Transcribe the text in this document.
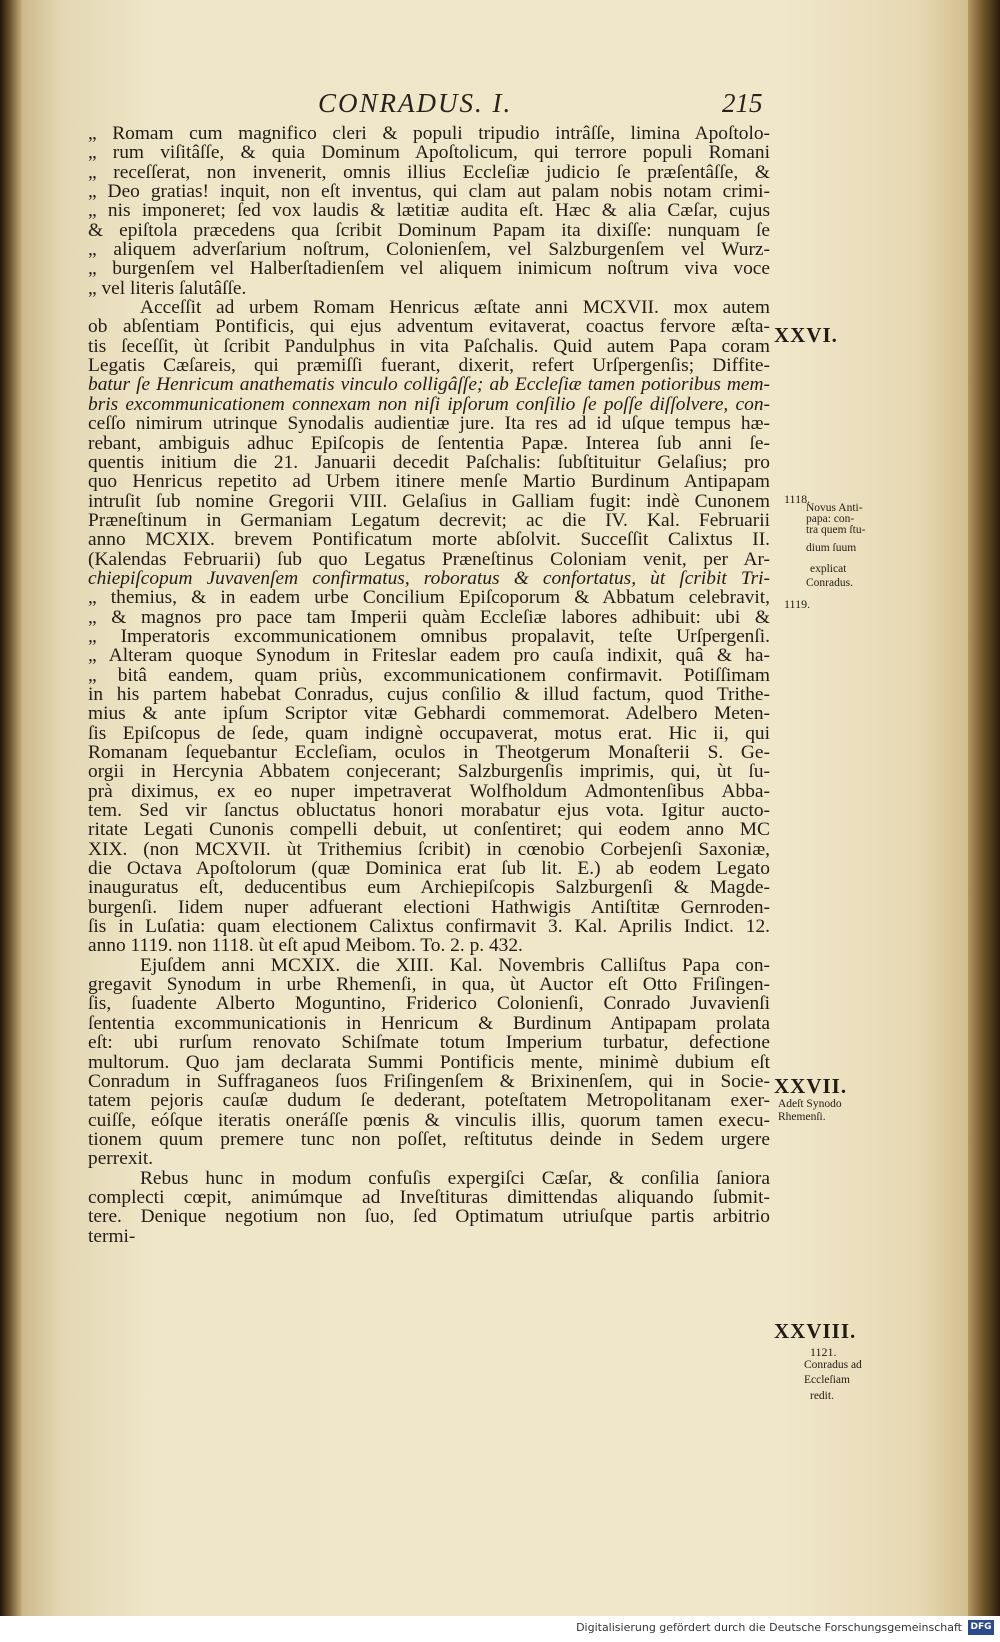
CONRADUS. I.	215
„ Romam cum magnifico cleri & populi tripudio intrâſſe, limina Apoſtolo-
„ rum viſitâſſe, & quia Dominum Apoſtolicum, qui terrore populi Romani
„ receſſerat, non invenerit, omnis illius Eccleſiæ judicio ſe præſentâſſe, &
„ Deo gratias! inquit, non eſt inventus, qui clam aut palam nobis notam crimi-
„ nis imponeret; ſed vox laudis & lætitiæ audita eſt. Hæc & alia Cæſar, cujus
& epiſtola præcedens qua ſcribit Dominum Papam ita dixiſſe: nunquam ſe
„ aliquem adverſarium noſtrum, Colonienſem, vel Salzburgenſem vel Wurz-
„ burgenſem vel Halberſtadienſem vel aliquem inimicum noſtrum viva voce
„ vel literis ſalutâſſe.
Acceſſit ad urbem Romam Henricus æſtate anni MCXVII. mox autem
ob abſentiam Pontificis, qui ejus adventum evitaverat, coactus fervore æſta-
tis ſeceſſit, ùt ſcribit Pandulphus in vita Paſchalis. Quid autem Papa coram
Legatis Cæſareis, qui præmiſſi fuerant, dixerit, refert Urſpergenſis; Diffite-
batur ſe Henricum anathematis vinculo colligâſſe; ab Eccleſiæ tamen potioribus mem-
bris excommunicationem connexam non niſi ipſorum conſilio ſe poſſe diſſolvere, con-
ceſſo nimirum utrinque Synodalis audientiæ jure. Ita res ad id uſque tempus hæ-
rebant, ambiguis adhuc Epiſcopis de ſententia Papæ. Interea ſub anni ſe-
quentis initium die 21. Januarii decedit Paſchalis: ſubſtituitur Gelaſius; pro
quo Henricus repetito ad Urbem itinere menſe Martio Burdinum Antipapam
intruſit ſub nomine Gregorii VIII. Gelaſius in Galliam fugit: indè Cunonem
Præneſtinum in Germaniam Legatum decrevit; ac die IV. Kal. Februarii
anno MCXIX. brevem Pontificatum morte abſolvit. Succeſſit Calixtus II.
(Kalendas Februarii) ſub quo Legatus Præneſtinus Coloniam venit, per Ar-
chiepiſcopum Juvavenſem confirmatus, roboratus & confortatus, ùt ſcribit Tri-
„ themius, & in eadem urbe Concilium Epiſcoporum & Abbatum celebravit,
„ & magnos pro pace tam Imperii quàm Eccleſiæ labores adhibuit: ubi &
„ Imperatoris excommunicationem omnibus propalavit, teſte Urſpergenſi.
„ Alteram quoque Synodum in Friteslar eadem pro cauſa indixit, quâ & ha-
„ bitâ eandem, quam priùs, excommunicationem confirmavit. Potiſſimam
in his partem habebat Conradus, cujus conſilio & illud factum, quod Trithe-
mius & ante ipſum Scriptor vitæ Gebhardi commemorat. Adelbero Meten-
ſis Epiſcopus de ſede, quam indignè occupaverat, motus erat. Hic ii, qui
Romanam ſequebantur Eccleſiam, oculos in Theotgerum Monaſterii S. Ge-
orgii in Hercynia Abbatem conjecerant; Salzburgenſis imprimis, qui, ùt ſu-
prà diximus, ex eo nuper impetraverat Wolfholdum Admontenſibus Abba-
tem. Sed vir ſanctus obluctatus honori morabatur ejus vota. Igitur aucto-
ritate Legati Cunonis compelli debuit, ut conſentiret; qui eodem anno MC
XIX. (non MCXVII. ùt Trithemius ſcribit) in cœnobio Corbejenſi Saxoniæ,
die Octava Apoſtolorum (quæ Dominica erat ſub lit. E.) ab eodem Legato
inauguratus eſt, deducentibus eum Archiepiſcopis Salzburgenſi & Magde-
burgenſi. Iidem nuper adfuerant electioni Hathwigis Antiſtitæ Gernroden-
ſis in Luſatia: quam electionem Calixtus confirmavit 3. Kal. Aprilis Indict. 12.
anno 1119. non 1118. ùt eſt apud Meibom. To. 2. p. 432.
Ejuſdem anni MCXIX. die XIII. Kal. Novembris Calliſtus Papa con-
gregavit Synodum in urbe Rhemenſi, in qua, ùt Auctor eſt Otto Friſingen-
ſis, ſuadente Alberto Moguntino, Friderico Colonienſi, Conrado Juvavienſi
ſententia excommunicationis in Henricum & Burdinum Antipapam prolata
eſt: ubi rurſum renovato Schiſmate totum Imperium turbatur, defectione
multorum. Quo jam declarata Summi Pontificis mente, minimè dubium eſt
Conradum in Suffraganeos ſuos Friſingenſem & Brixinenſem, qui in Socie-
tatem pejoris cauſæ dudum ſe dederant, poteſtatem Metropolitanam exer-
cuiſſe, eóſque iteratis oneráſſe pœnis & vinculis illis, quorum tamen execu-
tionem quum premere tunc non poſſet, reſtitutus deinde in Sedem urgere
perrexit.
Rebus hunc in modum confuſis expergiſci Cæſar, & conſilia ſaniora
complecti cœpit, animúmque ad Inveſtituras dimittendas aliquando ſubmit-
tere. Denique negotium non ſuo, ſed Optimatum utriuſque partis arbitrio
termi-
XXVI.
1118.
Novus Anti-
papa: con-
tra quem ſtu-
dium ſuum
explicat
Conradus.
1119.
XXVII.
Adeſt Synodo
Rhemenſi.
XXVIII.
1121.
Conradus ad
Eccleſiam
redit.
Digitalisierung gefördert durch die Deutsche Forschungsgemeinschaft DFG
